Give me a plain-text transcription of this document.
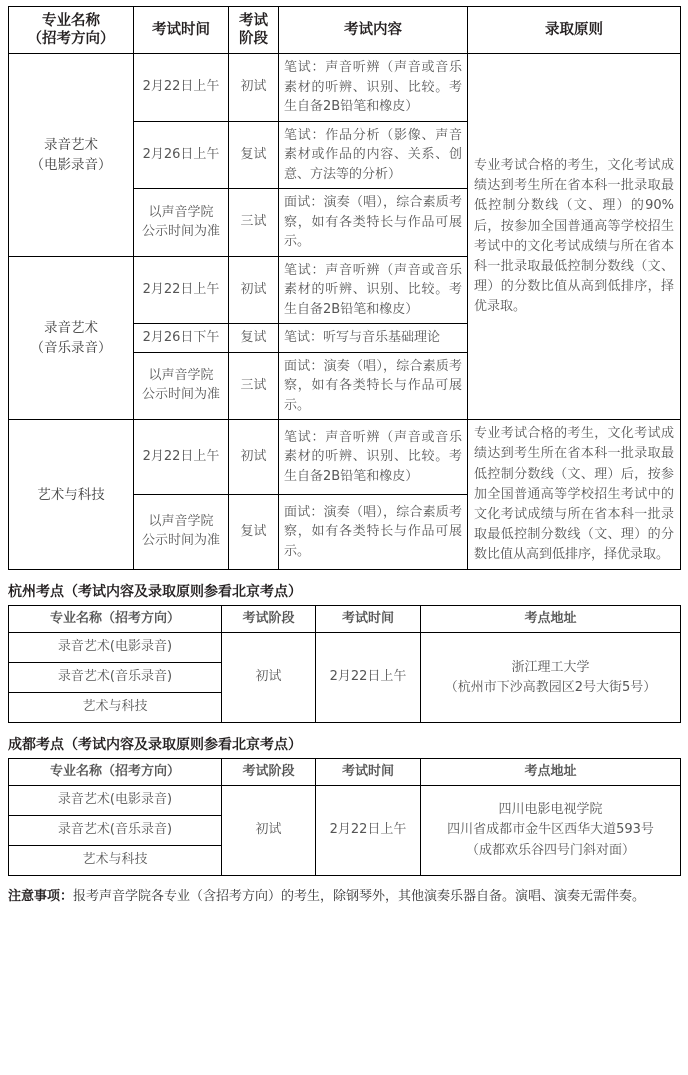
专业名称
（招考方向）
	考试时间	
考试
阶段
	考试内容	录取原则

录音艺术
（电影录音）	2月22日上午	初试	笔试：声音听辨（声音或音乐素材的听辨、识别、比较。考生自备2B铅笔和橡皮）	专业考试合格的考生，文化考试成绩达到考生所在省本科一批录取最低控制分数线（文、理）的90%后，按参加全国普通高等学校招生考试中的文化考试成绩与所在省本科一批录取最低控制分数线（文、理）的分数比值从高到低排序，择优录取。
	2月26日上午	复试	笔试：作品分析（影像、声音素材或作品的内容、关系、创意、方法等的分析）	

	以声音学院
公示时间为准	三试	面试：演奏（唱），综合素质考察，如有各类特长与作品可展示。	

录音艺术
（音乐录音）	2月22日上午	初试	笔试：声音听辨（声音或音乐素材的听辨、识别、比较。考生自备2B铅笔和橡皮）	
	2月26日下午	复试	笔试：听写与音乐基础理论	

	以声音学院
公示时间为准	三试	面试：演奏（唱），综合素质考察，如有各类特长与作品可展示。	

艺术与科技	2月22日上午	初试	笔试：声音听辨（声音或音乐素材的听辨、识别、比较。考生自备2B铅笔和橡皮）	专业考试合格的考生，文化考试成绩达到考生所在省本科一批录取最低控制分数线（文、理）后，按参加全国普通高等学校招生考试中的文化考试成绩与所在省本科一批录取最低控制分数线（文、理）的分数比值从高到低排序，择优录取。

	以声音学院
公示时间为准	复试	面试：演奏（唱），综合素质考察，如有各类特长与作品可展示。	
杭州考点（考试内容及录取原则参看北京考点）
专业名称（招考方向）	考试阶段	考试时间	考点地址
录音艺术(电影录音)	初试	2月22日上午	浙江理工大学
（杭州市下沙高教园区2号大街5号）

录音艺术(音乐录音)			
艺术与科技			
成都考点（考试内容及录取原则参看北京考点）
专业名称（招考方向）	考试阶段	考试时间	考点地址
录音艺术(电影录音)	初试	2月22日上午	四川电影电视学院
四川省成都市金牛区西华大道593号
（成都欢乐谷四号门斜对面）

录音艺术(音乐录音)			
艺术与科技			

注意事项：报考声音学院各专业（含招考方向）的考生，除钢琴外，其他演奏乐器自备。演唱、演奏无需伴奏。
